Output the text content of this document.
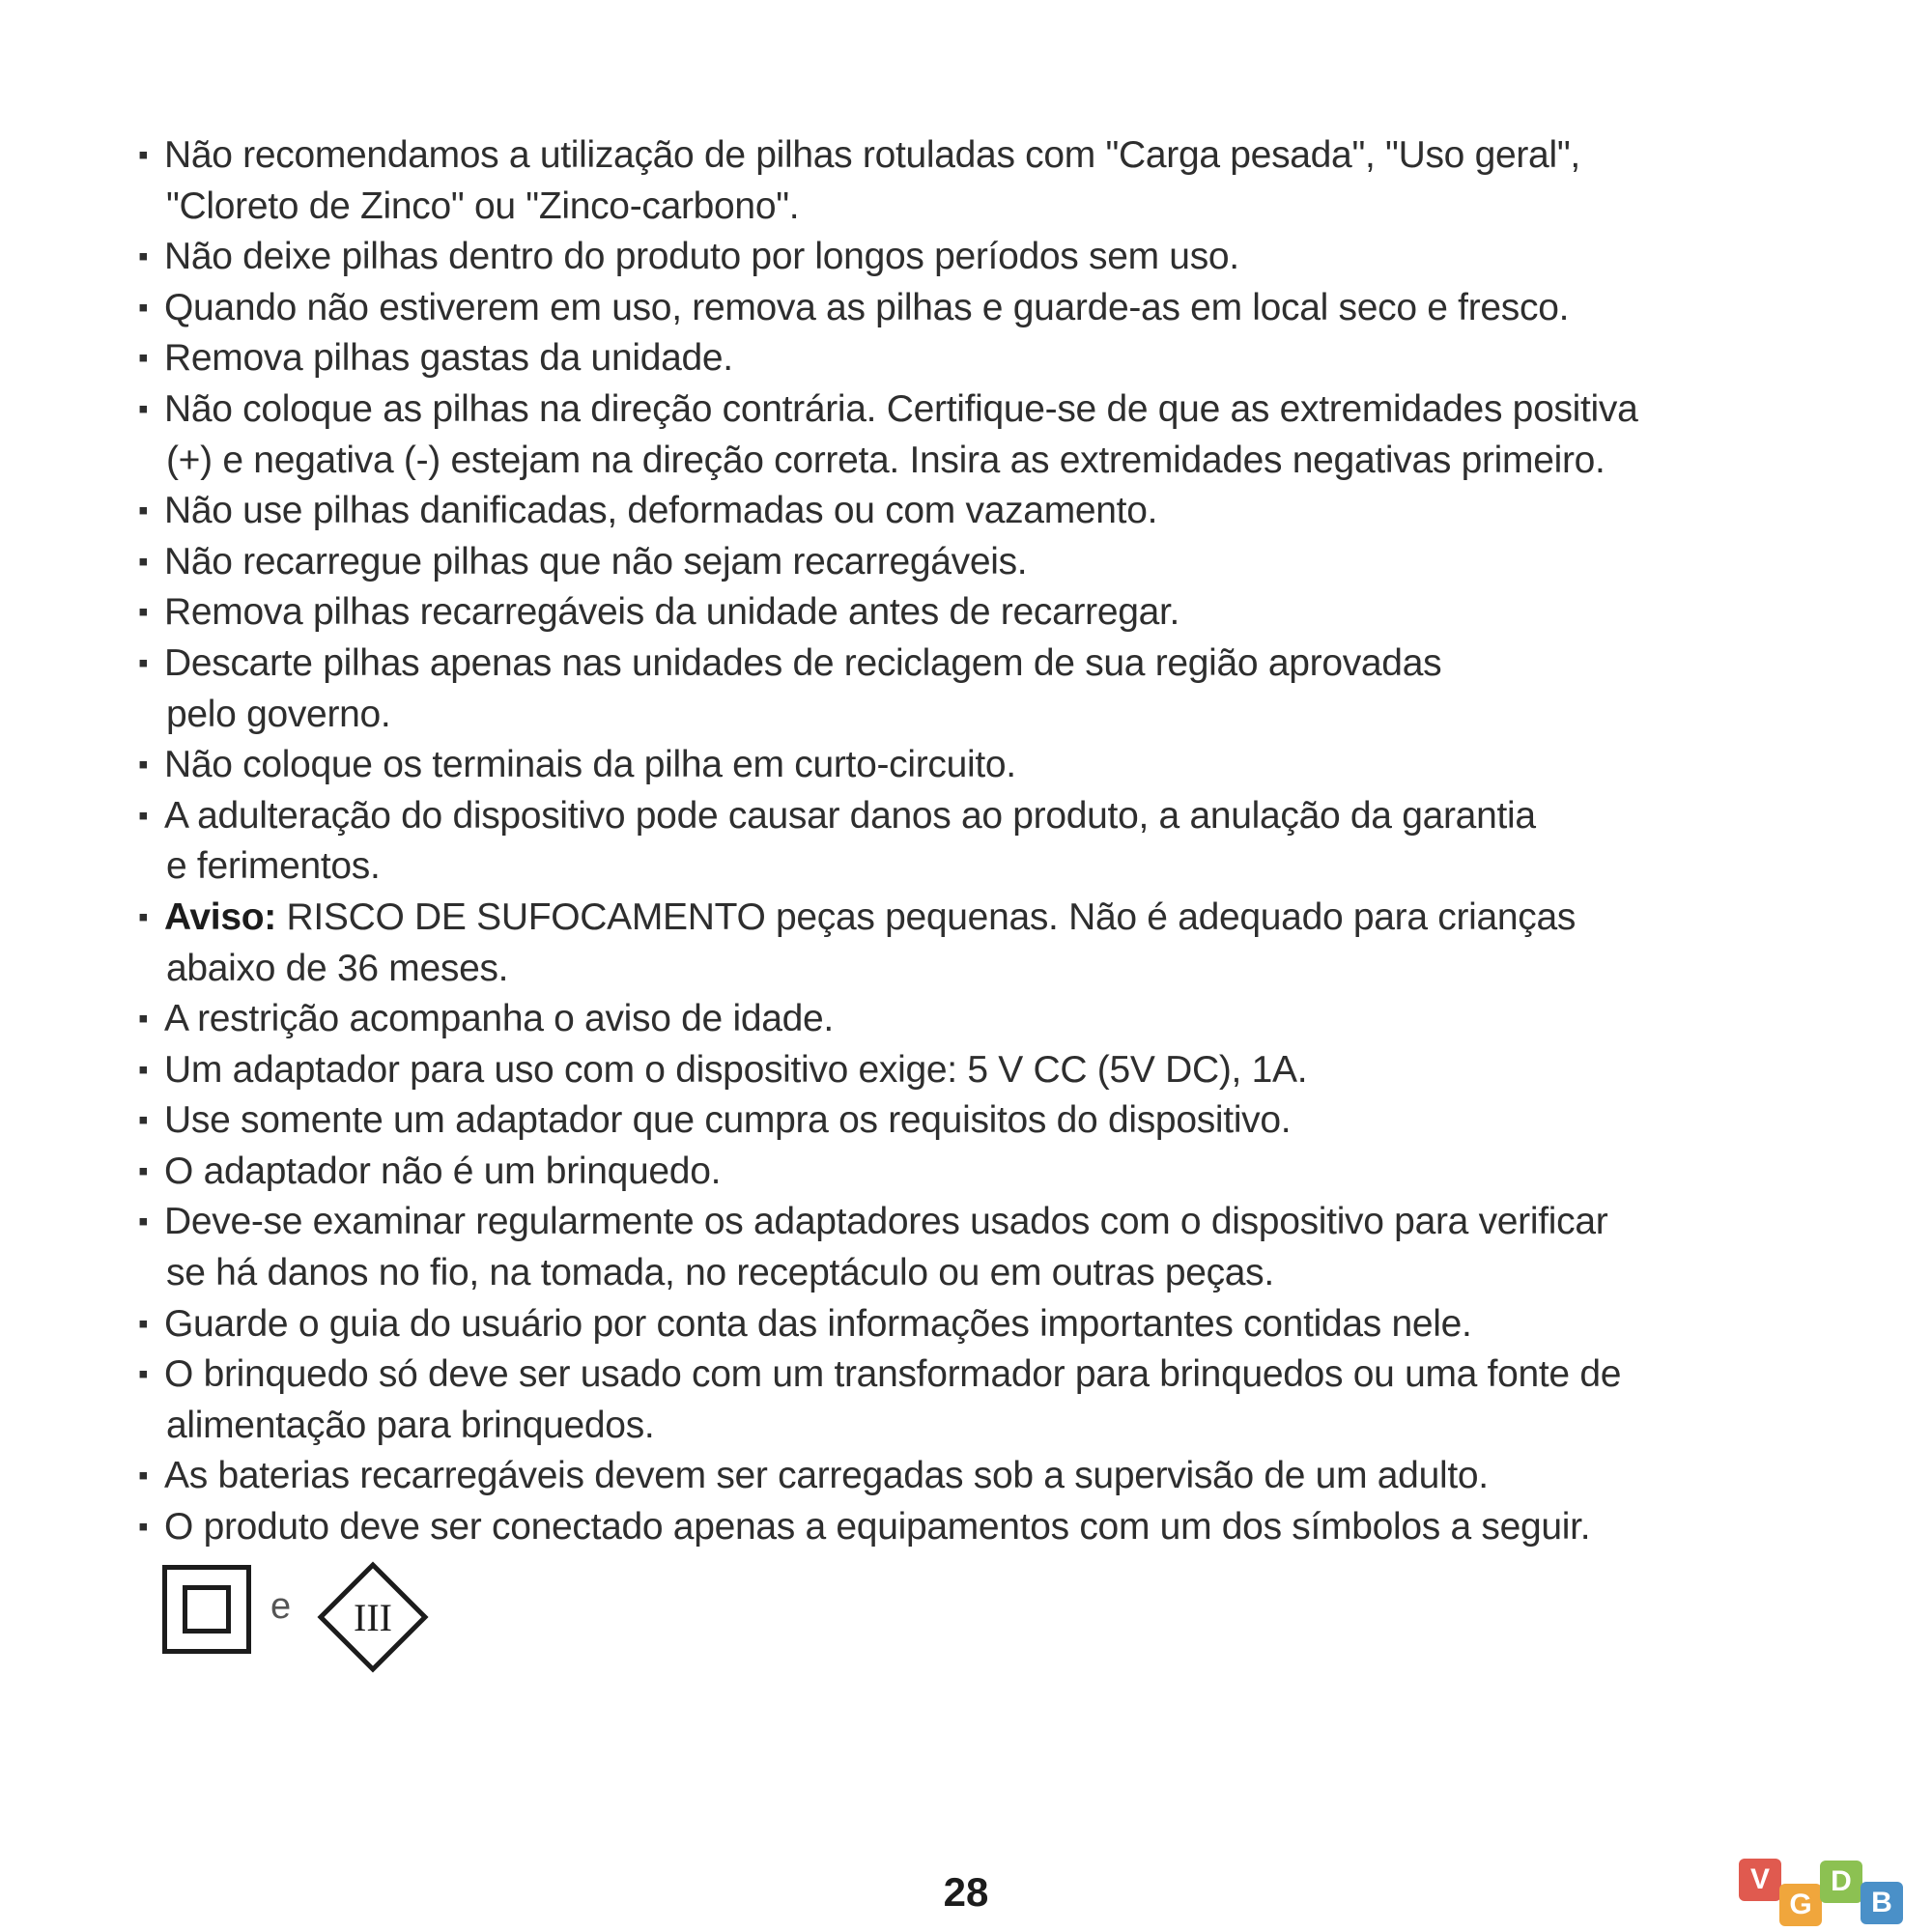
▪ Não recomendamos a utilização de pilhas rotuladas com "Carga pesada", "Uso geral",
"Cloreto de Zinco" ou "Zinco-carbono".
▪ Não deixe pilhas dentro do produto por longos períodos sem uso.
▪ Quando não estiverem em uso, remova as pilhas e guarde-as em local seco e fresco.
▪ Remova pilhas gastas da unidade.
▪ Não coloque as pilhas na direção contrária. Certifique-se de que as extremidades positiva
(+) e negativa (-) estejam na direção correta. Insira as extremidades negativas primeiro.
▪ Não use pilhas danificadas, deformadas ou com vazamento.
▪ Não recarregue pilhas que não sejam recarregáveis.
▪ Remova pilhas recarregáveis da unidade antes de recarregar.
▪ Descarte pilhas apenas nas unidades de reciclagem de sua região aprovadas
pelo governo.
▪ Não coloque os terminais da pilha em curto-circuito.
▪ A adulteração do dispositivo pode causar danos ao produto, a anulação da garantia
e ferimentos.
▪ Aviso: RISCO DE SUFOCAMENTO peças pequenas. Não é adequado para crianças
abaixo de 36 meses.
▪ A restrição acompanha o aviso de idade.
▪ Um adaptador para uso com o dispositivo exige: 5 V CC (5V DC), 1A.
▪ Use somente um adaptador que cumpra os requisitos do dispositivo.
▪ O adaptador não é um brinquedo.
▪ Deve-se examinar regularmente os adaptadores usados com o dispositivo para verificar
se há danos no fio, na tomada, no receptáculo ou em outras peças.
▪ Guarde o guia do usuário por conta das informações importantes contidas nele.
▪ O brinquedo só deve ser usado com um transformador para brinquedos ou uma fonte de
alimentação para brinquedos.
▪ As baterias recarregáveis devem ser carregadas sob a supervisão de um adulto.
▪ O produto deve ser conectado apenas a equipamentos com um dos símbolos a seguir.
e III
28	V
G
D
B
